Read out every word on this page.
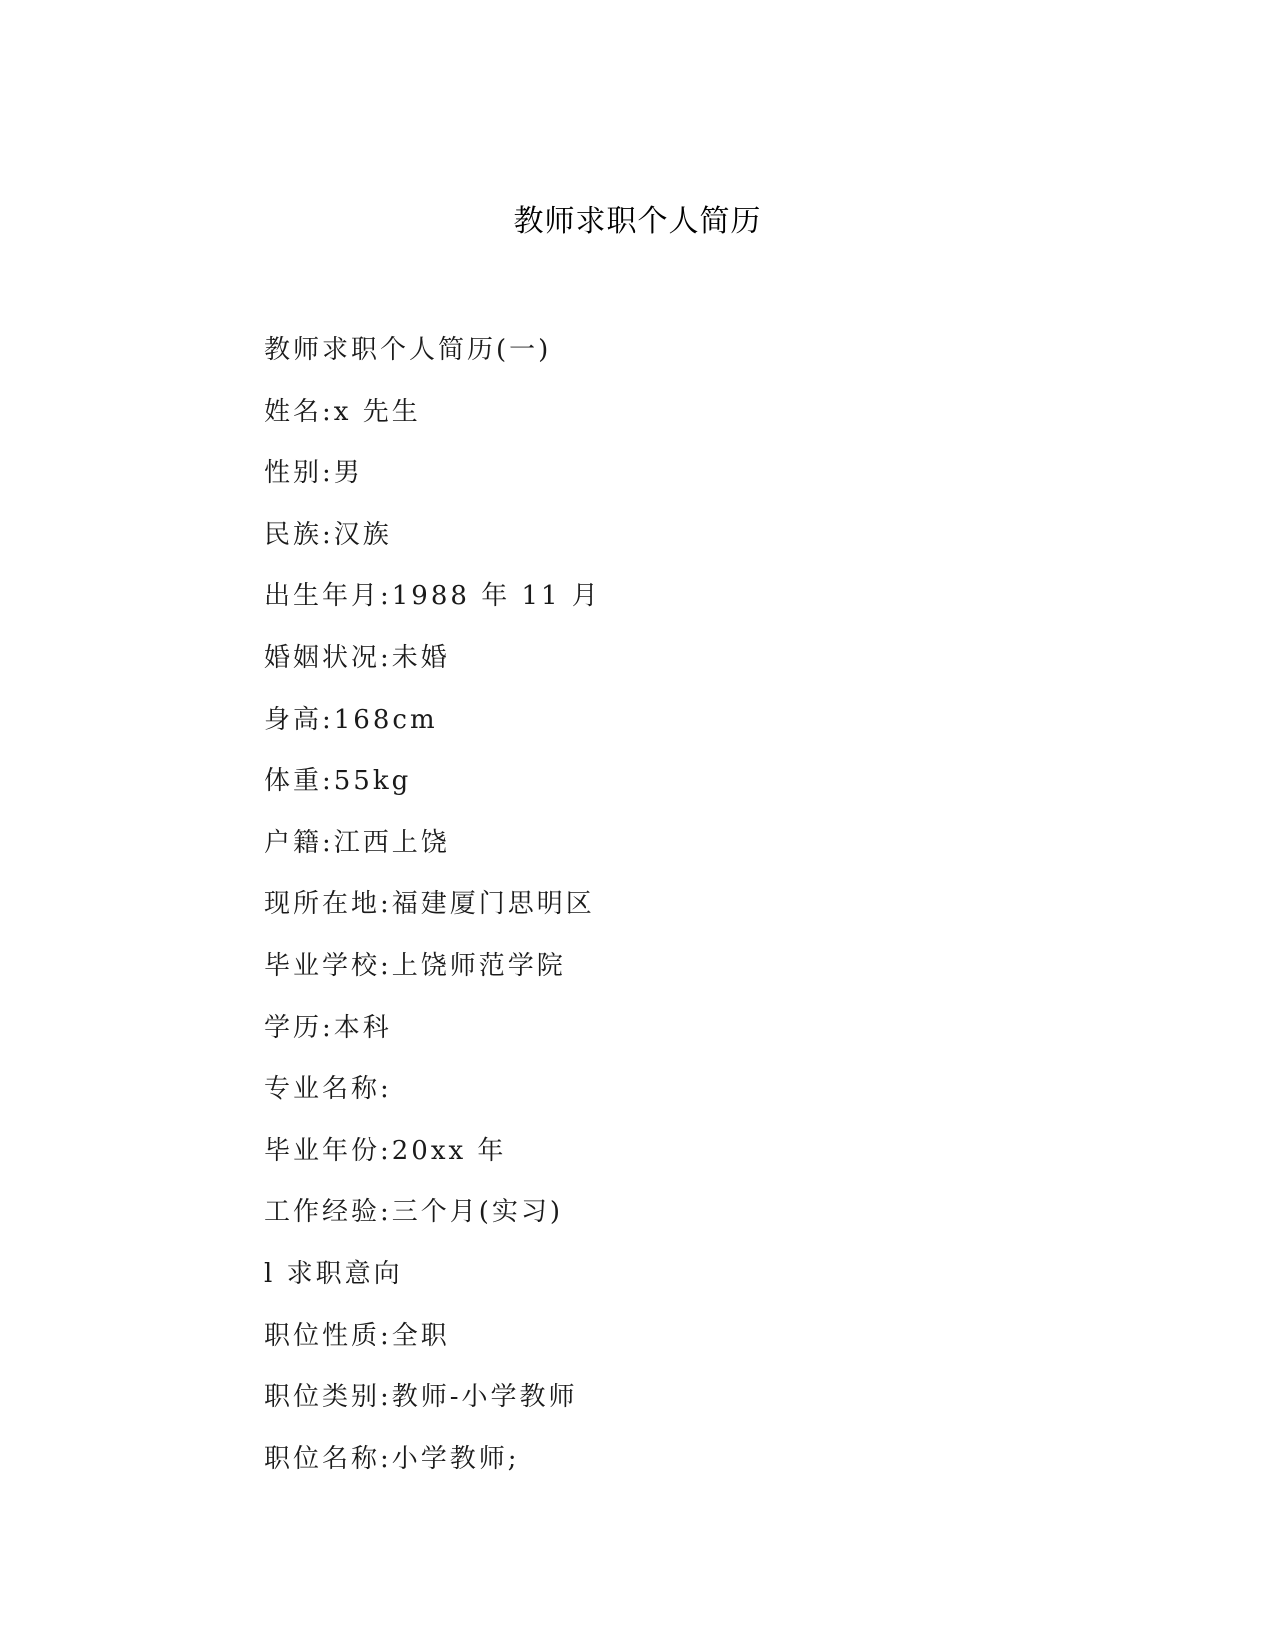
教师求职个人简历
教师求职个人简历(一)
姓名:x 先生
性别:男
民族:汉族
出生年月:1988 年 11 月
婚姻状况:未婚
身高:168cm
体重:55kg
户籍:江西上饶
现所在地:福建厦门思明区
毕业学校:上饶师范学院
学历:本科
专业名称:
毕业年份:20xx 年
工作经验:三个月(实习)
l 求职意向
职位性质:全职
职位类别:教师-小学教师
职位名称:小学教师;
